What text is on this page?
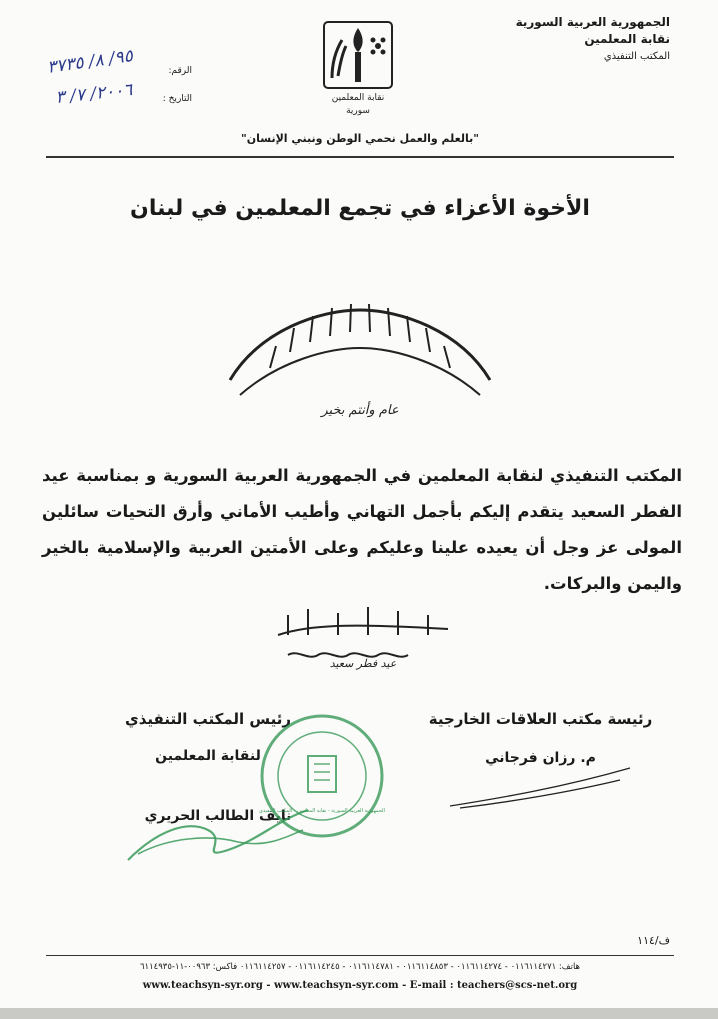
الجمهورية العربية السورية
نقابة المعلمين
المكتب التنفيذي
نقابة المعلمين
سورية
"بالعلم والعمل نحمي الوطن ونبني الإنسان"
الرقم:
٩٥/ ٨/ ٣٧٣٥
التاريخ :
٢٠٠٦/ ٧/ ٣
الأخوة الأعزاء في تجمع المعلمين في لبنان
عام وأنتم بخير
المكتب التنفيذي لنقابة المعلمين في الجمهورية العربية السورية و بمناسبة عيد الفطر السعيد يتقدم إليكم بأجمل التهاني وأطيب الأماني وأرق التحيات سائلين المولى عز وجل أن يعيده علينا وعليكم وعلى الأمتين العربية والإسلامية بالخير واليمن والبركات.
عيد فطر سعيد
رئيسة مكتب العلاقات الخارجية
م. رزان فرجاني
رئيس المكتب التنفيذي
لنقابة المعلمين
نايف الطالب الحريري
الجمهورية العربية السورية - نقابة المعلمين - المكتب التنفيذي
ف/١١٤
هاتف: ٠١١٦١١٤٢٧١ - ٠١١٦١١٤٢٧٤ - ٠١١٦١١٤٨٥٣ - ٠١١٦١١٤٧٨١ - ٠١١٦١١٤٢٤٥ - ٠١١٦١١٤٢٥٧ فاكس: ٠٠٩٦٣-١١-٦١١٤٩٣٥
www.teachsyn-syr.org - www.teachsyn-syr.com - E-mail : teachers@scs-net.org
